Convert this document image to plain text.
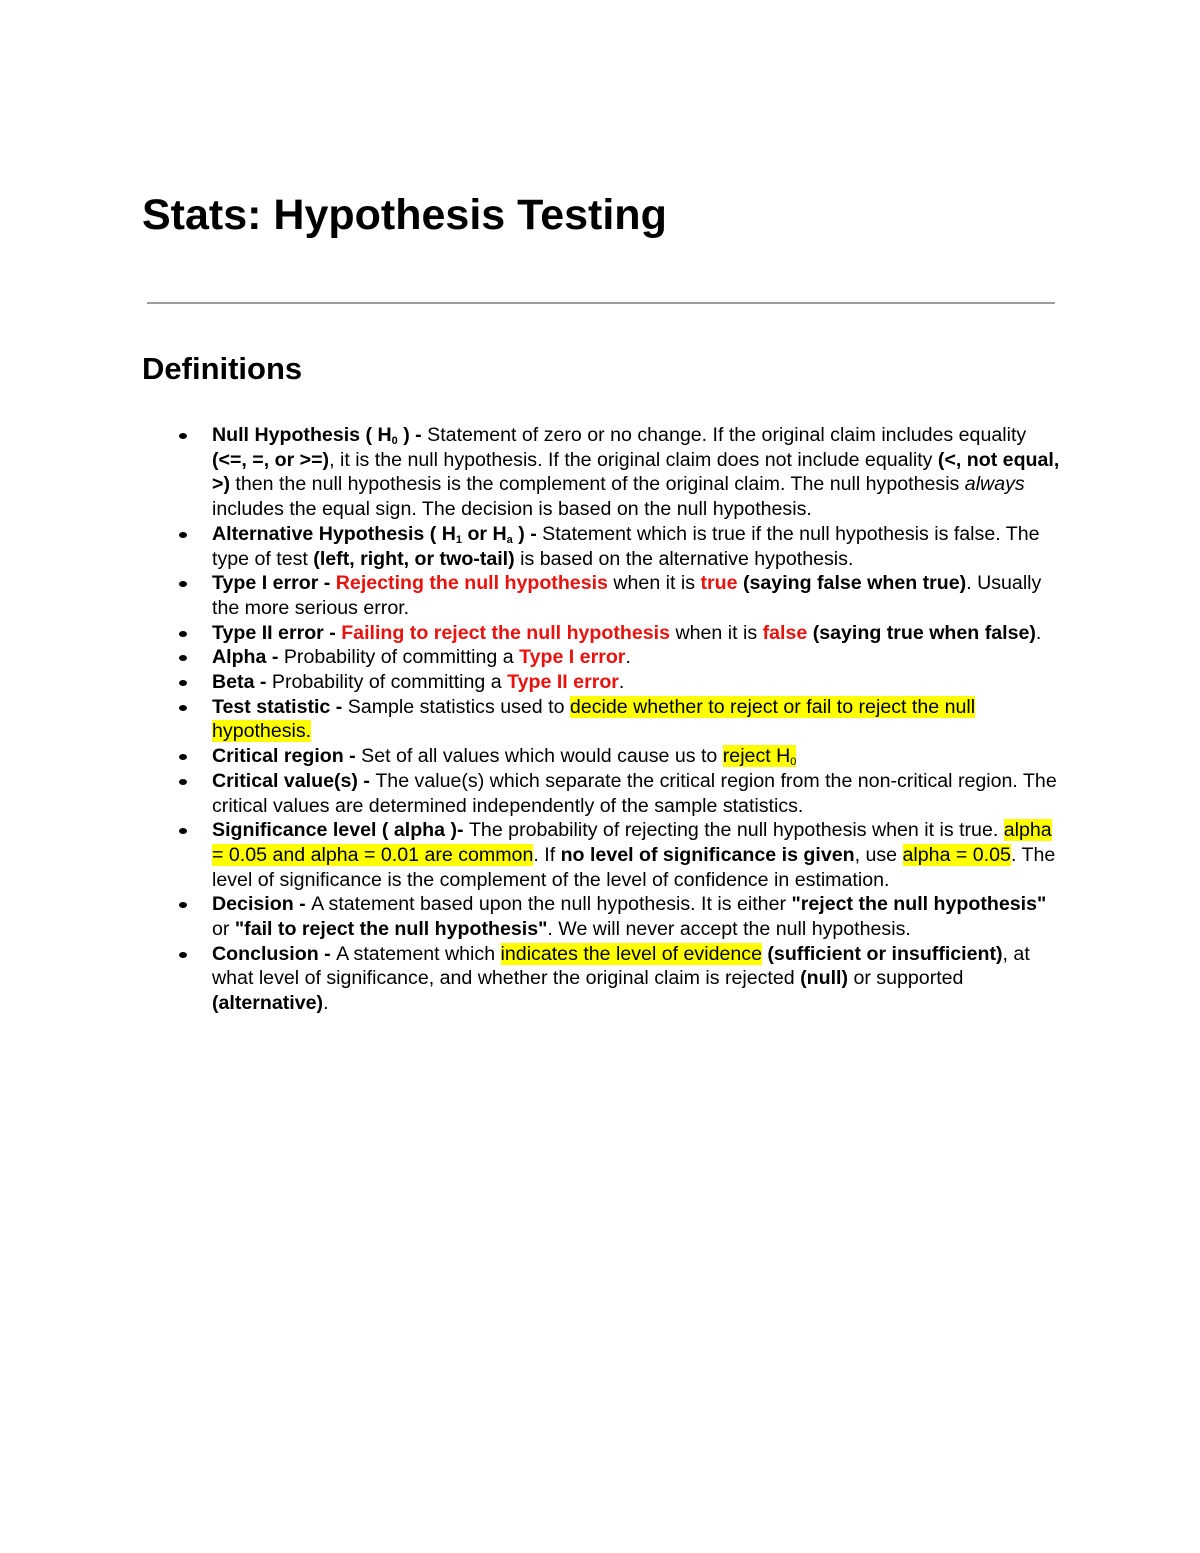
Stats: Hypothesis Testing
Definitions
Null Hypothesis ( $H_0$ ) - Statement of zero or no change. If the original claim includes equality (<=, =, or >=), it is the null hypothesis. If the original claim does not include equality (<, not equal, >) then the null hypothesis is the complement of the original claim. The null hypothesis always includes the equal sign. The decision is based on the null hypothesis.
Alternative Hypothesis ( $H_1$ or $H_a$ ) - Statement which is true if the null hypothesis is false. The type of test (left, right, or two-tail) is based on the alternative hypothesis.
Type I error - Rejecting the null hypothesis when it is true (saying false when true). Usually the more serious error.
Type II error - Failing to reject the null hypothesis when it is false (saying true when false).
Alpha - Probability of committing a Type I error.
Beta - Probability of committing a Type II error.
Test statistic - Sample statistics used to decide whether to reject or fail to reject the null hypothesis.
Critical region - Set of all values which would cause us to reject $H_0$
Critical value(s) - The value(s) which separate the critical region from the non-critical region. The critical values are determined independently of the sample statistics.
Significance level ( alpha )- The probability of rejecting the null hypothesis when it is true. alpha = 0.05 and alpha = 0.01 are common. If no level of significance is given, use alpha = 0.05. The level of significance is the complement of the level of confidence in estimation.
Decision - A statement based upon the null hypothesis. It is either "reject the null hypothesis" or "fail to reject the null hypothesis". We will never accept the null hypothesis.
Conclusion - A statement which indicates the level of evidence (sufficient or insufficient), at what level of significance, and whether the original claim is rejected (null) or supported (alternative).
